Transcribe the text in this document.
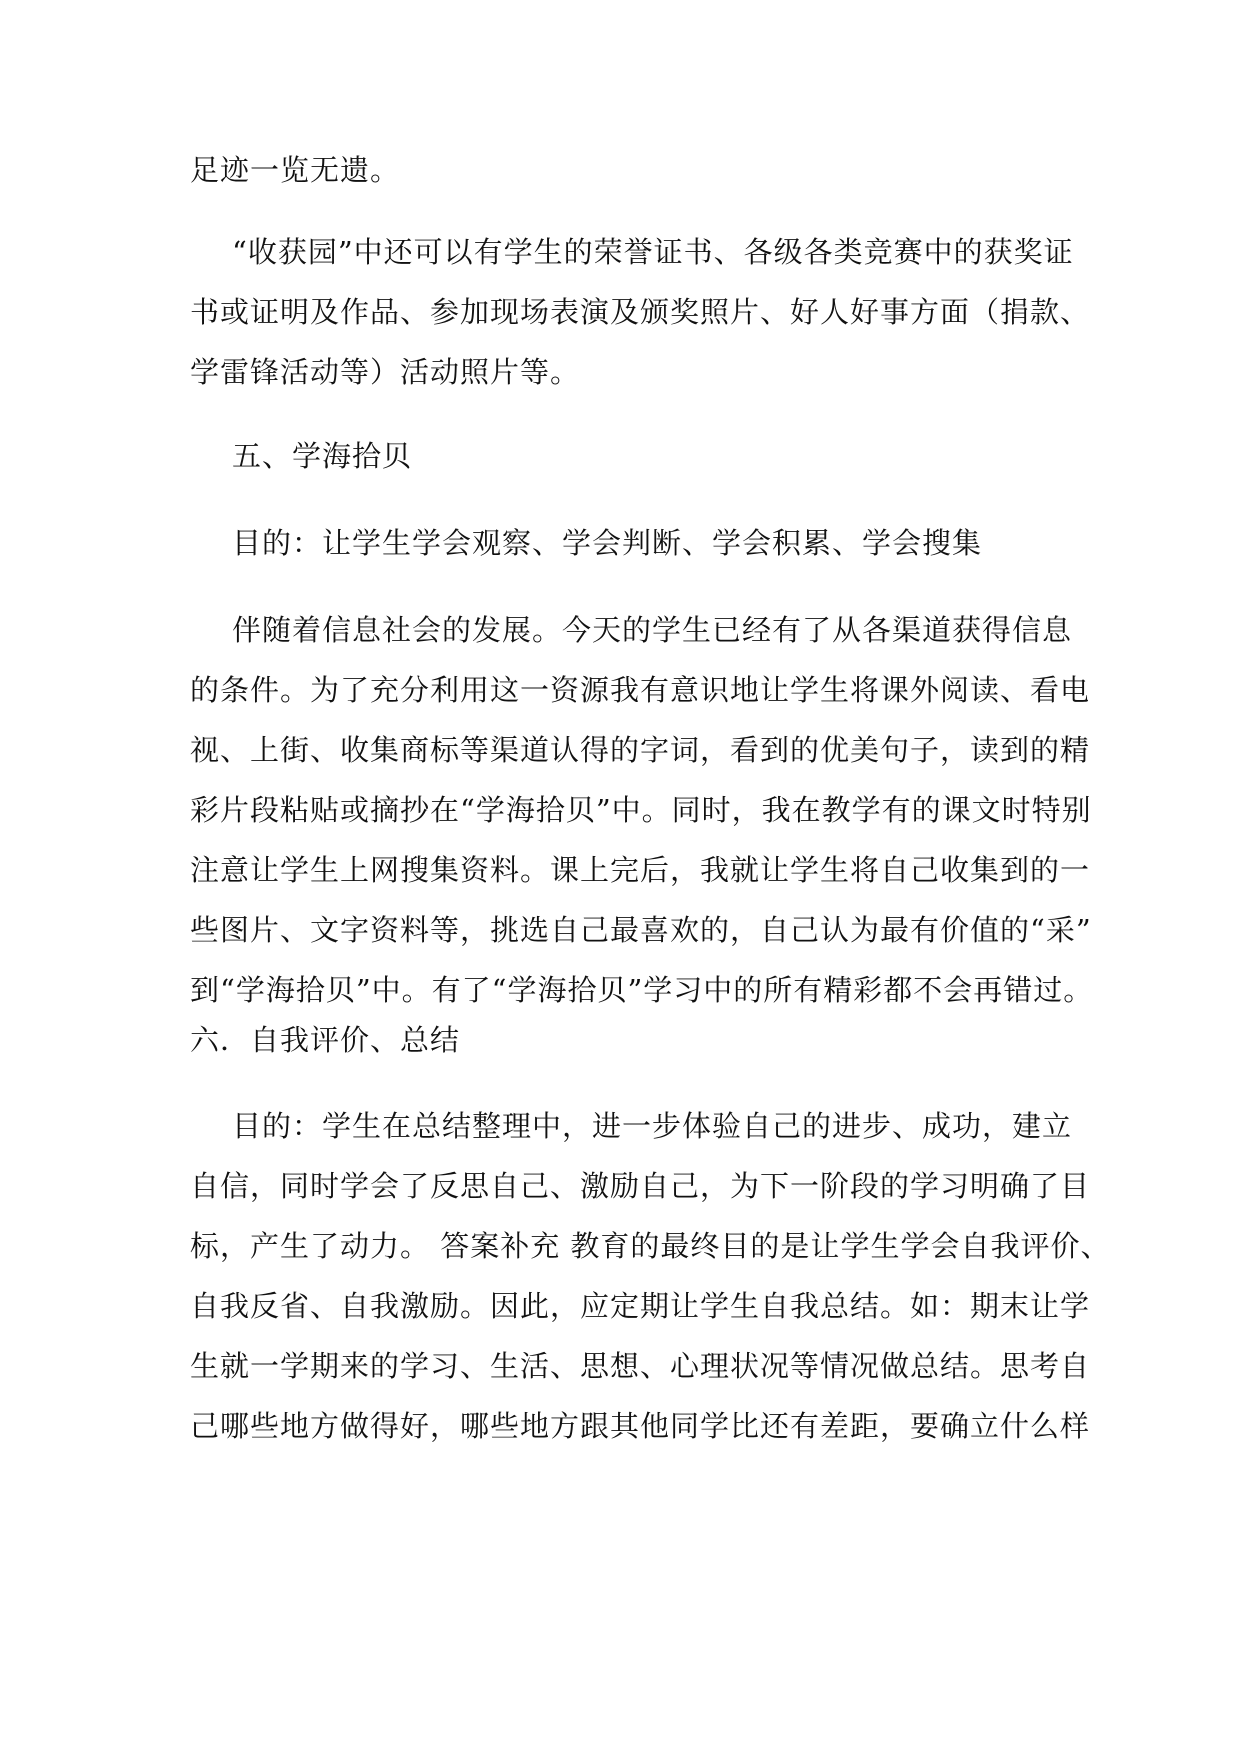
足迹一览无遗。
“收获园”中还可以有学生的荣誉证书、各级各类竞赛中的获奖证
书或证明及作品、参加现场表演及颁奖照片、好人好事方面（捐款、
学雷锋活动等）活动照片等。
五、学海拾贝
目的：让学生学会观察、学会判断、学会积累、学会搜集
伴随着信息社会的发展。今天的学生已经有了从各渠道获得信息
的条件。为了充分利用这一资源我有意识地让学生将课外阅读、看电
视、上街、收集商标等渠道认得的字词，看到的优美句子，读到的精
彩片段粘贴或摘抄在“学海拾贝”中。同时，我在教学有的课文时特别
注意让学生上网搜集资料。课上完后，我就让学生将自己收集到的一
些图片、文字资料等，挑选自己最喜欢的，自己认为最有价值的“采”
到“学海拾贝”中。有了“学海拾贝”学习中的所有精彩都不会再错过。
六．自我评价、总结
目的：学生在总结整理中，进一步体验自己的进步、成功，建立
自信，同时学会了反思自己、激励自己，为下一阶段的学习明确了目
标，产生了动力。 答案补充 教育的最终目的是让学生学会自我评价、
自我反省、自我激励。因此，应定期让学生自我总结。如：期末让学
生就一学期来的学习、生活、思想、心理状况等情况做总结。思考自
己哪些地方做得好，哪些地方跟其他同学比还有差距，要确立什么样
